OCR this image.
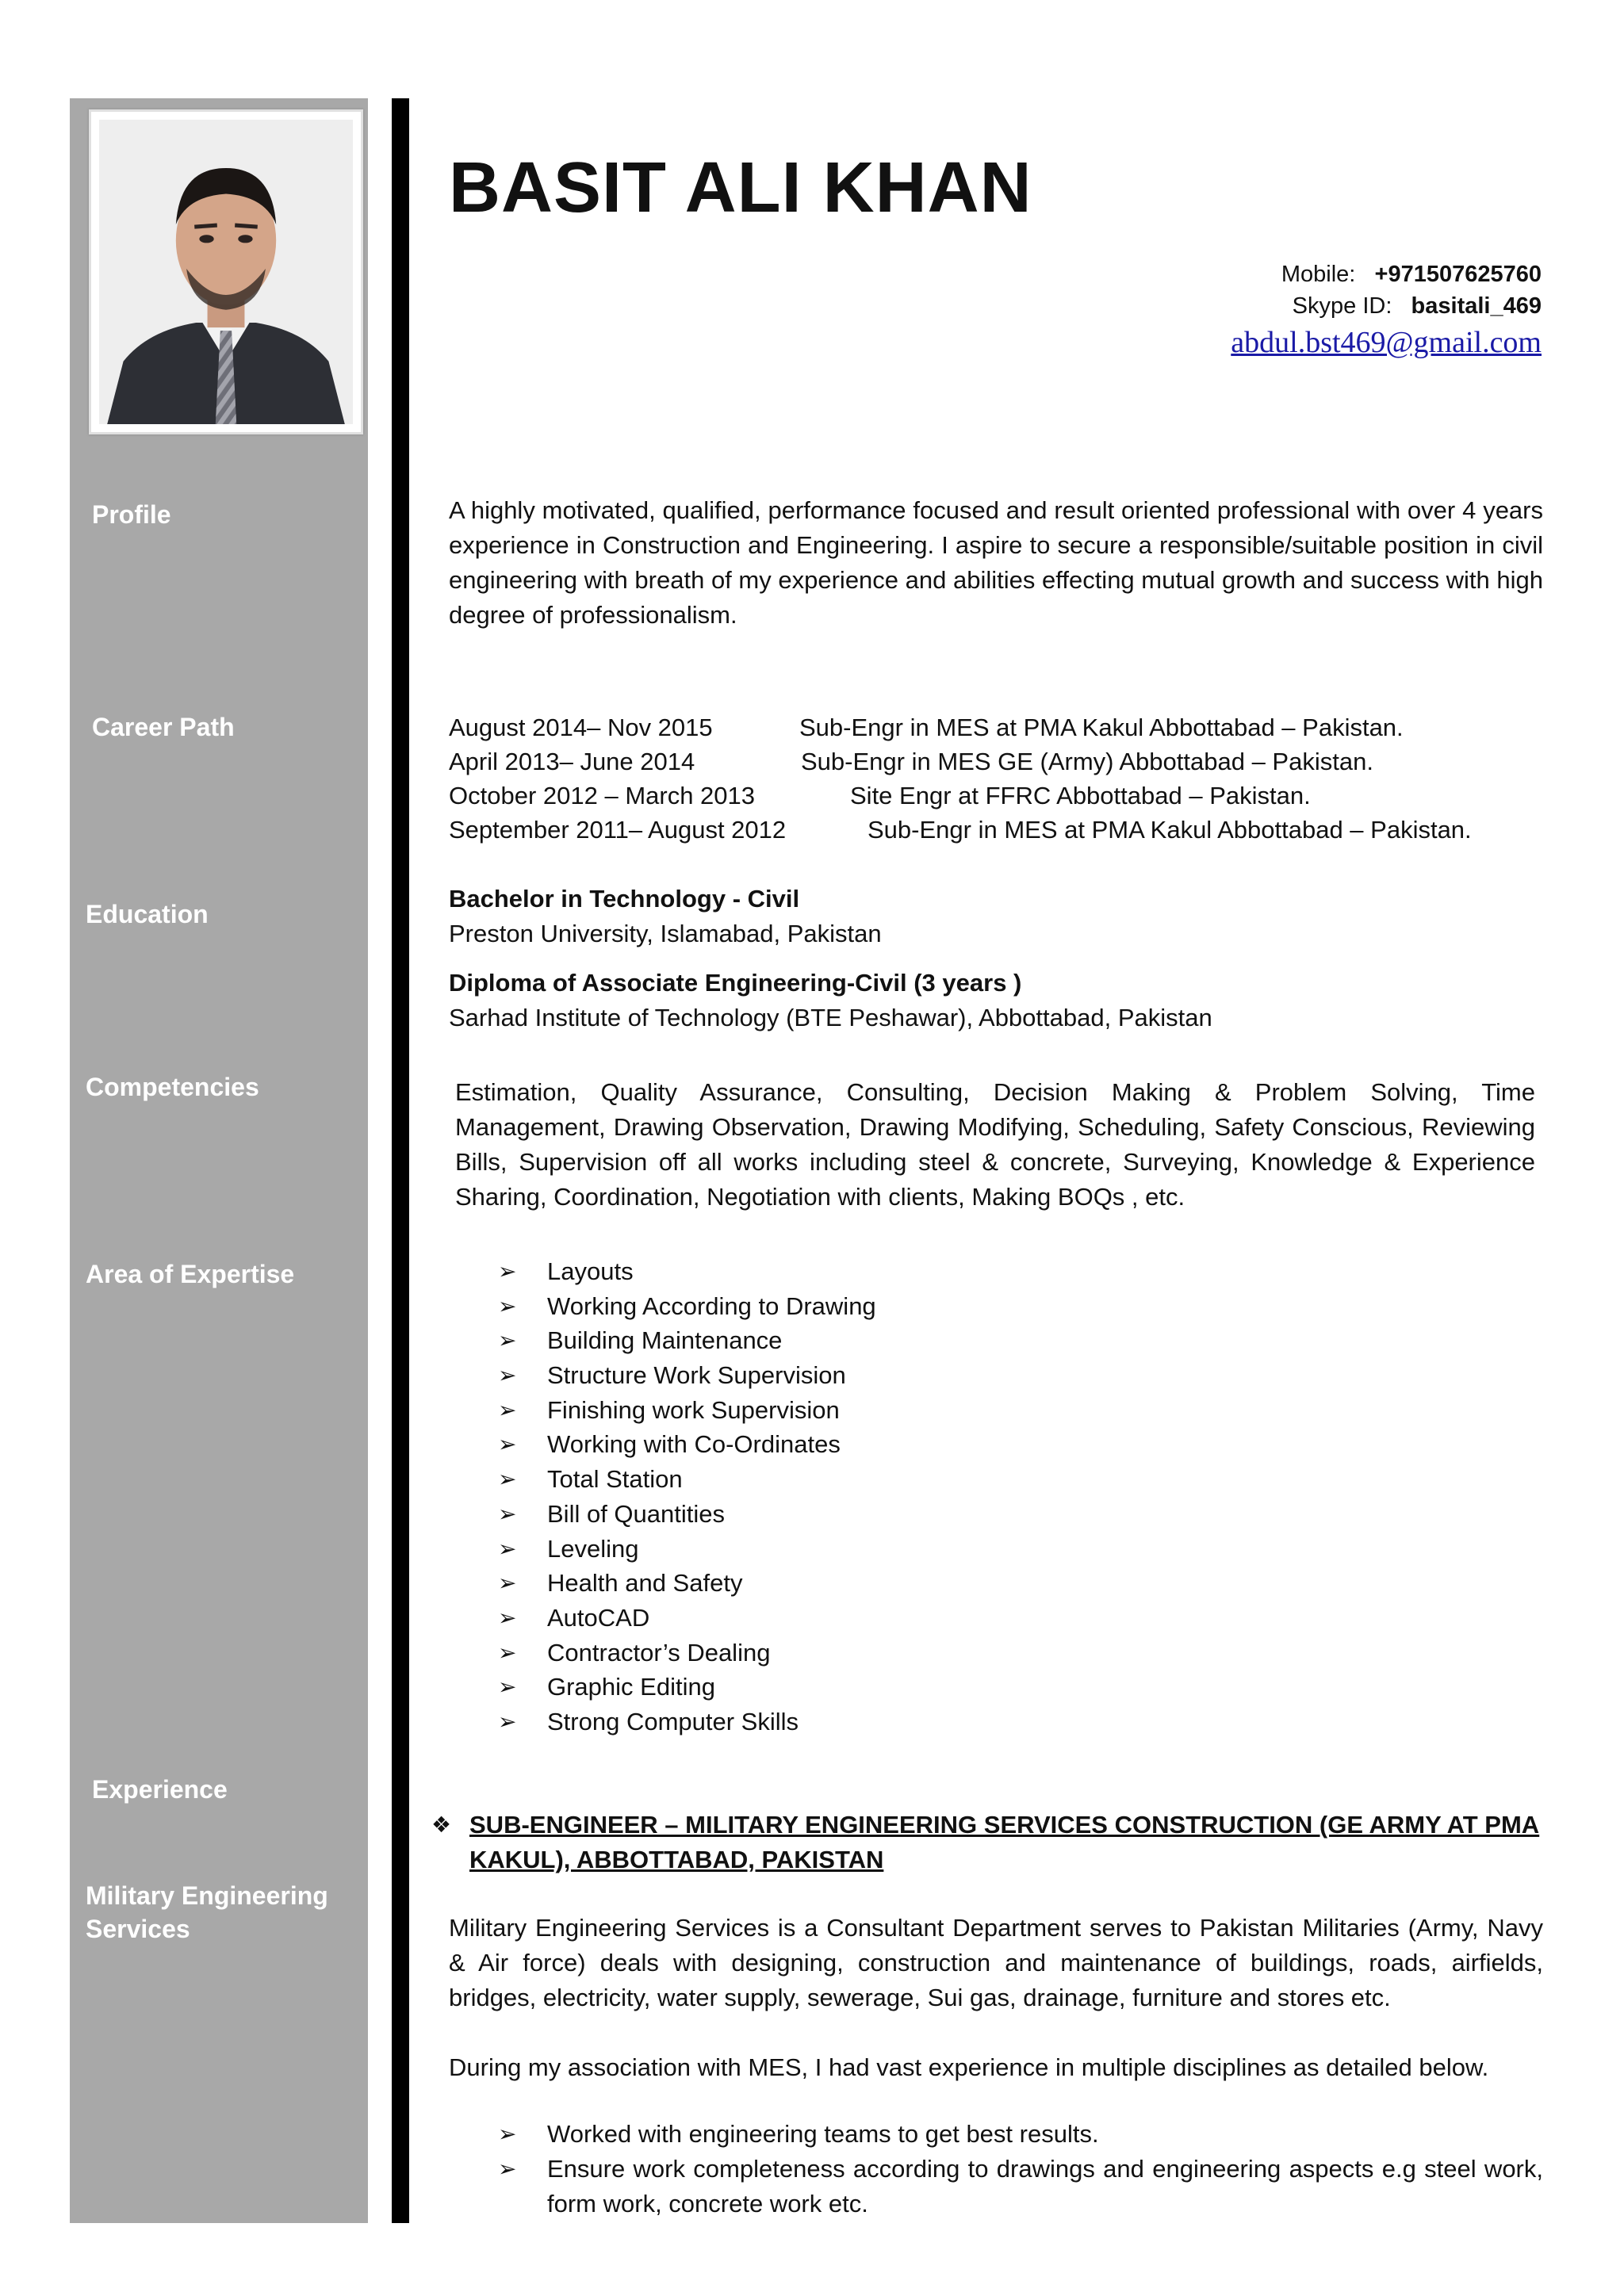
Profile
Career Path
Education
Competencies
Area of Expertise
Experience
Military Engineering Services
BASIT ALI KHAN
Mobile: +971507625760
Skype ID: basitali_469
abdul.bst469@gmail.com
A highly motivated, qualified, performance focused and result oriented professional with over 4 years experience in Construction and Engineering. I aspire to secure a responsible/suitable position in civil engineering with breath of my experience and abilities effecting mutual growth and success with high degree of professionalism.
August 2014– Nov 2015	Sub-Engr in MES at PMA Kakul Abbottabad – Pakistan.
April 2013– June 2014	Sub-Engr in MES GE (Army) Abbottabad – Pakistan.
October 2012 – March 2013	Site Engr at FFRC Abbottabad – Pakistan.
September 2011– August 2012	Sub-Engr in MES at PMA Kakul Abbottabad – Pakistan.
Bachelor in Technology - Civil
Preston University, Islamabad, Pakistan
Diploma of Associate Engineering-Civil (3 years )
Sarhad Institute of Technology (BTE Peshawar), Abbottabad, Pakistan
Estimation, Quality Assurance, Consulting, Decision Making & Problem Solving, Time Management, Drawing Observation, Drawing Modifying, Scheduling, Safety Conscious, Reviewing Bills, Supervision off all works including steel & concrete, Surveying, Knowledge & Experience Sharing, Coordination, Negotiation with clients, Making BOQs , etc.
➢ Layouts
➢ Working According to Drawing
➢ Building Maintenance
➢ Structure Work Supervision
➢ Finishing work Supervision
➢ Working with Co-Ordinates
➢ Total Station
➢ Bill of Quantities
➢ Leveling
➢ Health and Safety
➢ AutoCAD
➢ Contractor’s Dealing
➢ Graphic Editing
➢ Strong Computer Skills
❖ SUB-ENGINEER – MILITARY ENGINEERING SERVICES CONSTRUCTION (GE ARMY AT PMA KAKUL), ABBOTTABAD, PAKISTAN
Military Engineering Services is a Consultant Department serves to Pakistan Militaries (Army, Navy & Air force) deals with designing, construction and maintenance of buildings, roads, airfields, bridges, electricity, water supply, sewerage, Sui gas, drainage, furniture and stores etc.
During my association with MES, I had vast experience in multiple disciplines as detailed below.
➢ Worked with engineering teams to get best results.
➢ Ensure work completeness according to drawings and engineering aspects e.g steel work, form work, concrete work etc.
